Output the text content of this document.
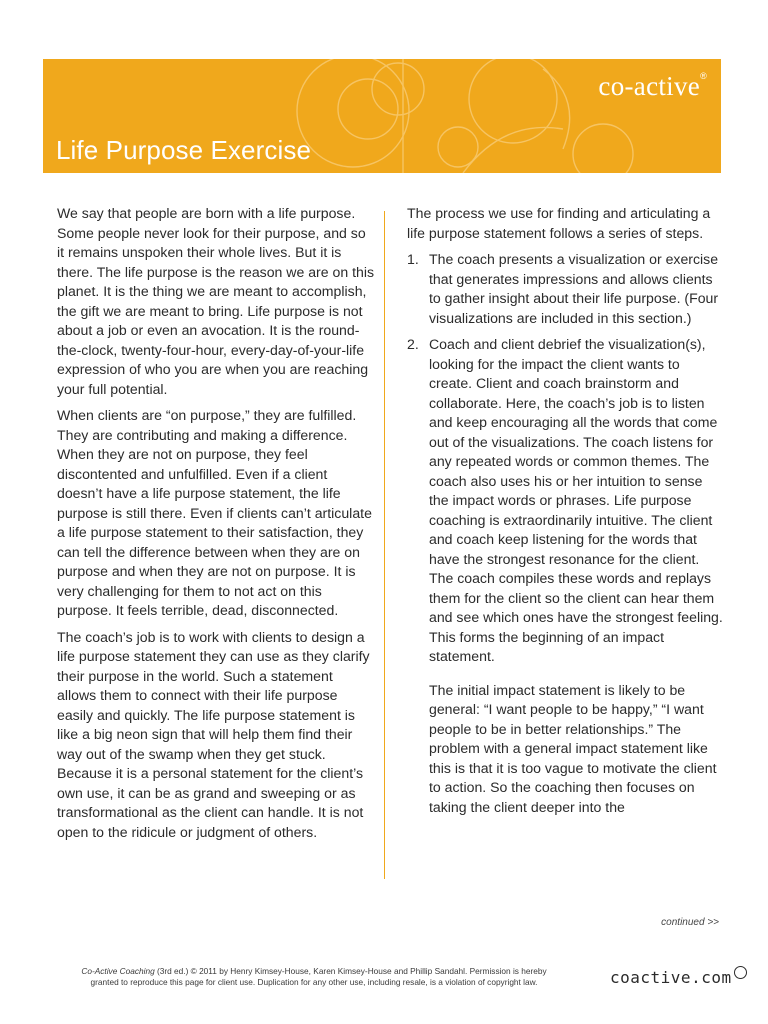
co-active®
Life Purpose Exercise

We say that people are born with a life purpose. Some people never look for their purpose, and so it remains unspoken their whole lives. But it is there. The life purpose is the reason we are on this planet. It is the thing we are meant to accomplish, the gift we are meant to bring. Life purpose is not about a job or even an avocation. It is the round-the-clock, twenty-four-hour, every-day-of-your-life expression of who you are when you are reaching your full potential.

When clients are “on purpose,” they are fulfilled. They are contributing and making a difference. When they are not on purpose, they feel discontented and unfulfilled. Even if a client doesn’t have a life purpose statement, the life purpose is still there. Even if clients can’t articulate a life purpose statement to their satisfaction, they can tell the difference between when they are on purpose and when they are not on purpose. It is very challenging for them to not act on this purpose. It feels terrible, dead, disconnected.

The coach’s job is to work with clients to design a life purpose statement they can use as they clarify their purpose in the world. Such a statement allows them to connect with their life purpose easily and quickly. The life purpose statement is like a big neon sign that will help them find their way out of the swamp when they get stuck. Because it is a personal statement for the client’s own use, it can be as grand and sweeping or as transformational as the client can handle. It is not open to the ridicule or judgment of others.

The process we use for finding and articulating a life purpose statement follows a series of steps.

1. The coach presents a visualization or exercise that generates impressions and allows clients to gather insight about their life purpose. (Four visualizations are included in this section.)
2. Coach and client debrief the visualization(s), looking for the impact the client wants to create. Client and coach brainstorm and collaborate. Here, the coach’s job is to listen and keep encouraging all the words that come out of the visualizations. The coach listens for any repeated words or common themes. The coach also uses his or her intuition to sense the impact words or phrases. Life purpose coaching is extraordinarily intuitive. The client and coach keep listening for the words that have the strongest resonance for the client. The coach compiles these words and replays them for the client so the client can hear them and see which ones have the strongest feeling. This forms the beginning of an impact statement.

The initial impact statement is likely to be general: “I want people to be happy,” “I want people to be in better relationships.” The problem with a general impact statement like this is that it is too vague to motivate the client to action. So the coaching then focuses on taking the client deeper into the

continued >>
Co-Active Coaching (3rd ed.) © 2011 by Henry Kimsey-House, Karen Kimsey-House and Phillip Sandahl. Permission is hereby
granted to reproduce this page for client use. Duplication for any other use, including resale, is a violation of copyright law.	coactive.com
